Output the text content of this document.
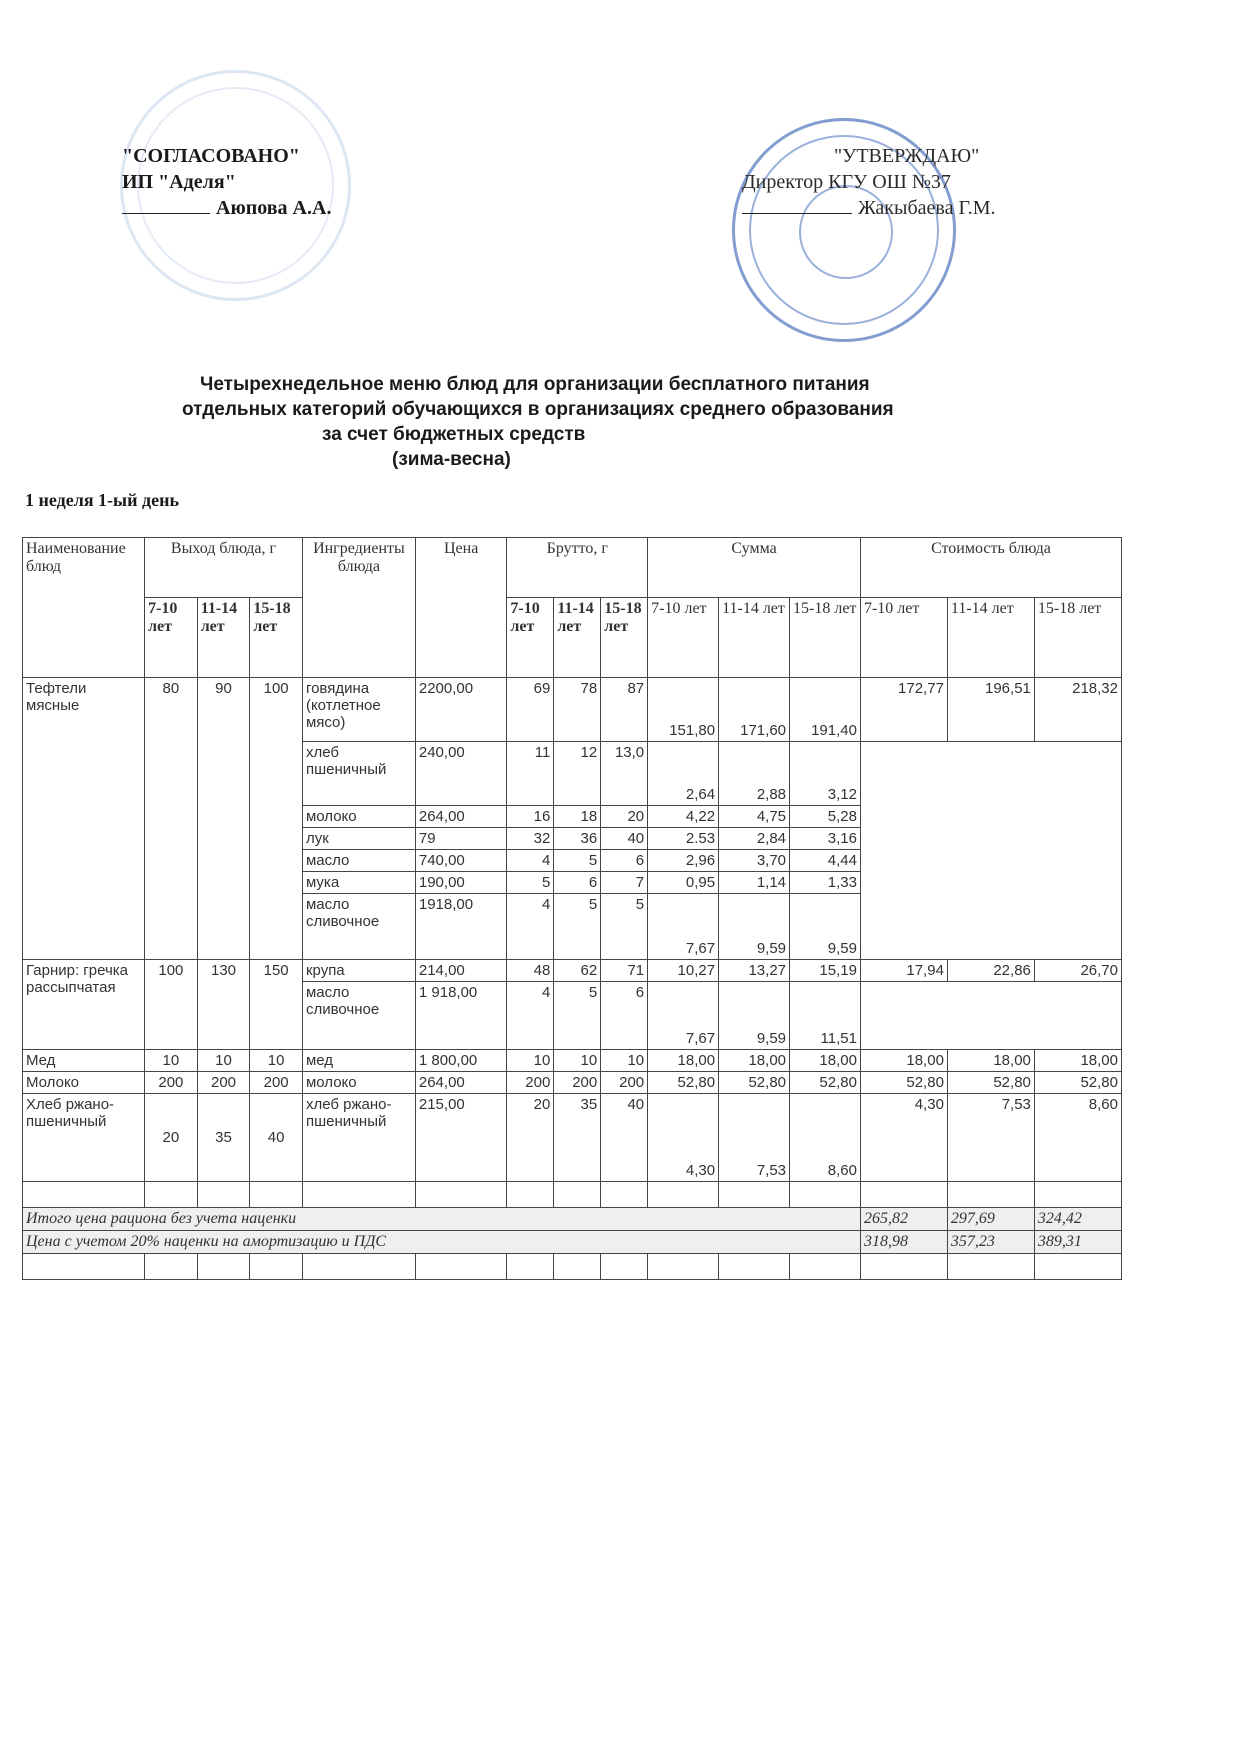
"СОГЛАСОВАНО"
ИП "Аделя"
Аюпова А.А.
"УТВЕРЖДАЮ"
Директор КГУ ОШ №37
Жакыбаева Г.М.
Четырехнедельное меню блюд для организации бесплатного питания
отдельных категорий обучающихся в организациях среднего образования
за счет бюджетных средств
(зима-весна)
1 неделя 1-ый день
Наименование блюд	Выход блюда, г			Ингредиенты блюда	Цена	Брутто, г			Сумма			Стоимость блюда		
	7-10 лет	11-14 лет	15-18 лет			7-10 лет	11-14 лет	15-18 лет	7-10 лет	11-14 лет	15-18 лет	7-10 лет	11-14 лет	15-18 лет
Тефтели мясные	80	90	100	говядина (котлетное мясо)	2200,00	69	78	87	151,80	171,60	191,40	172,77	196,51	218,32
				хлеб пшеничный	240,00	11	12	13,0	2,64	2,88	3,12			
				молоко	264,00	16	18	20	4,22	4,75	5,28			
				лук	79	32	36	40	2.53	2,84	3,16			
				масло	740,00	4	5	6	2,96	3,70	4,44			
				мука	190,00	5	6	7	0,95	1,14	1,33			
				масло сливочное	1918,00	4	5	5	7,67	9,59	9,59			
Гарнир: гречка рассыпчатая	100	130	150	крупа	214,00	48	62	71	10,27	13,27	15,19	17,94	22,86	26,70
				масло сливочное	1 918,00	4	5	6	7,67	9,59	11,51			
Мед	10	10	10	мед	1 800,00	10	10	10	18,00	18,00	18,00	18,00	18,00	18,00
Молоко	200	200	200	молоко	264,00	200	200	200	52,80	52,80	52,80	52,80	52,80	52,80
Хлеб ржано-пшеничный	20	35	40	хлеб ржано-пшеничный	215,00	20	35	40	4,30	7,53	8,60	4,30	7,53	8,60

Итого цена рациона без учета наценки												265,82	297,69	324,42
Цена с учетом 20% наценки на амортизацию и ПДС												318,98	357,23	389,31
